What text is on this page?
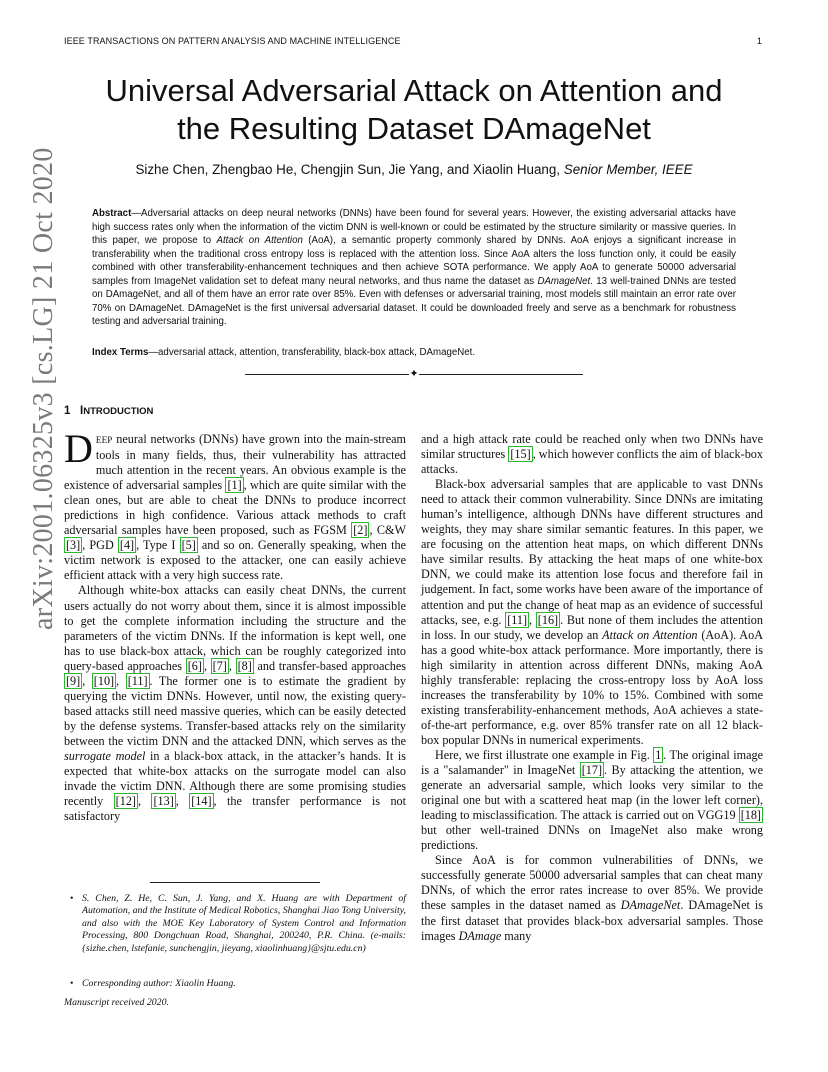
IEEE TRANSACTIONS ON PATTERN ANALYSIS AND MACHINE INTELLIGENCE	1
arXiv:2001.06325v3 [cs.LG] 21 Oct 2020
Universal Adversarial Attack on Attention and
the Resulting Dataset DAmageNet
Sizhe Chen, Zhengbao He, Chengjin Sun, Jie Yang, and Xiaolin Huang, Senior Member, IEEE
Abstract—Adversarial attacks on deep neural networks (DNNs) have been found for several years. However, the existing adversarial attacks have high success rates only when the information of the victim DNN is well-known or could be estimated by the structure similarity or massive queries. In this paper, we propose to Attack on Attention (AoA), a semantic property commonly shared by DNNs. AoA enjoys a significant increase in transferability when the traditional cross entropy loss is replaced with the attention loss. Since AoA alters the loss function only, it could be easily combined with other transferability-enhancement techniques and then achieve SOTA performance. We apply AoA to generate 50000 adversarial samples from ImageNet validation set to defeat many neural networks, and thus name the dataset as DAmageNet. 13 well-trained DNNs are tested on DAmageNet, and all of them have an error rate over 85%. Even with defenses or adversarial training, most models still maintain an error rate over 70% on DAmageNet. DAmageNet is the first universal adversarial dataset. It could be downloaded freely and serve as a benchmark for robustness testing and adversarial training.
Index Terms—adversarial attack, attention, transferability, black-box attack, DAmageNet.
✦
1 INTRODUCTION

DEEP neural networks (DNNs) have grown into the main-stream tools in many fields, thus, their vulnerability has attracted much attention in the recent years. An obvious example is the existence of adversarial samples [1] , which are quite similar with the clean ones, but are able to cheat the DNNs to produce incorrect predictions in high confidence. Various attack methods to craft adversarial samples have been proposed, such as FGSM [2] , C&W [3] , PGD [4] , Type I [5] and so on. Generally speaking, when the victim network is exposed to the attacker, one can easily achieve efficient attack with a very high success rate.

Although white-box attacks can easily cheat DNNs, the current users actually do not worry about them, since it is almost impossible to get the complete information including the structure and the parameters of the victim DNNs. If the information is kept well, one has to use black-box attack, which can be roughly categorized into query-based approaches [6] , [7] , [8] and transfer-based approaches [9] , [10] , [11] . The former one is to estimate the gradient by querying the victim DNNs. However, until now, the existing query-based attacks still need massive queries, which can be easily detected by the defense systems. Transfer-based attacks rely on the similarity between the victim DNN and the attacked DNN, which serves as the surrogate model in a black-box attack, in the attacker’s hands. It is expected that white-box attacks on the surrogate model can also invade the victim DNN. Although there are some promising studies recently [12] , [13] , [14] , the transfer performance is not satisfactory

• S. Chen, Z. He, C. Sun, J. Yang, and X. Huang are with Department of Automation, and the Institute of Medical Robotics, Shanghai Jiao Tong University, and also with the MOE Key Laboratory of System Control and Information Processing, 800 Dongchuan Road, Shanghai, 200240, P.R. China. (e-mails:{sizhe.chen, lstefanie, sunchengjin, jieyang, xiaolinhuang}@sjtu.edu.cn)
• Corresponding author: Xiaolin Huang.
Manuscript received 2020.

and a high attack rate could be reached only when two DNNs have similar structures [15] , which however conflicts the aim of black-box attacks.

Black-box adversarial samples that are applicable to vast DNNs need to attack their common vulnerability. Since DNNs are imitating human’s intelligence, although DNNs have different structures and weights, they may share similar semantic features. In this paper, we are focusing on the attention heat maps, on which different DNNs have similar results. By attacking the heat maps of one white-box DNN, we could make its attention lose focus and therefore fail in judgement. In fact, some works have been aware of the importance of attention and put the change of heat map as an evidence of successful attacks, see, e.g. [11] , [16] . But none of them includes the attention in loss. In our study, we develop an Attack on Attention (AoA). AoA has a good white-box attack performance. More importantly, there is high similarity in attention across different DNNs, making AoA highly transferable: replacing the cross-entropy loss by AoA loss increases the transferability by 10% to 15%. Combined with some existing transferability-enhancement methods, AoA achieves a state-of-the-art performance, e.g. over 85% transfer rate on all 12 black-box popular DNNs in numerical experiments.

Here, we first illustrate one example in Fig. 1 . The original image is a "salamander" in ImageNet [17] . By attacking the attention, we generate an adversarial sample, which looks very similar to the original one but with a scattered heat map (in the lower left corner), leading to misclassification. The attack is carried out on VGG19 [18] but other well-trained DNNs on ImageNet also make wrong predictions.

Since AoA is for common vulnerabilities of DNNs, we successfully generate 50000 adversarial samples that can cheat many DNNs, of which the error rates increase to over 85%. We provide these samples in the dataset named as DAmageNet. DAmageNet is the first dataset that provides black-box adversarial samples. Those images DAmage many
